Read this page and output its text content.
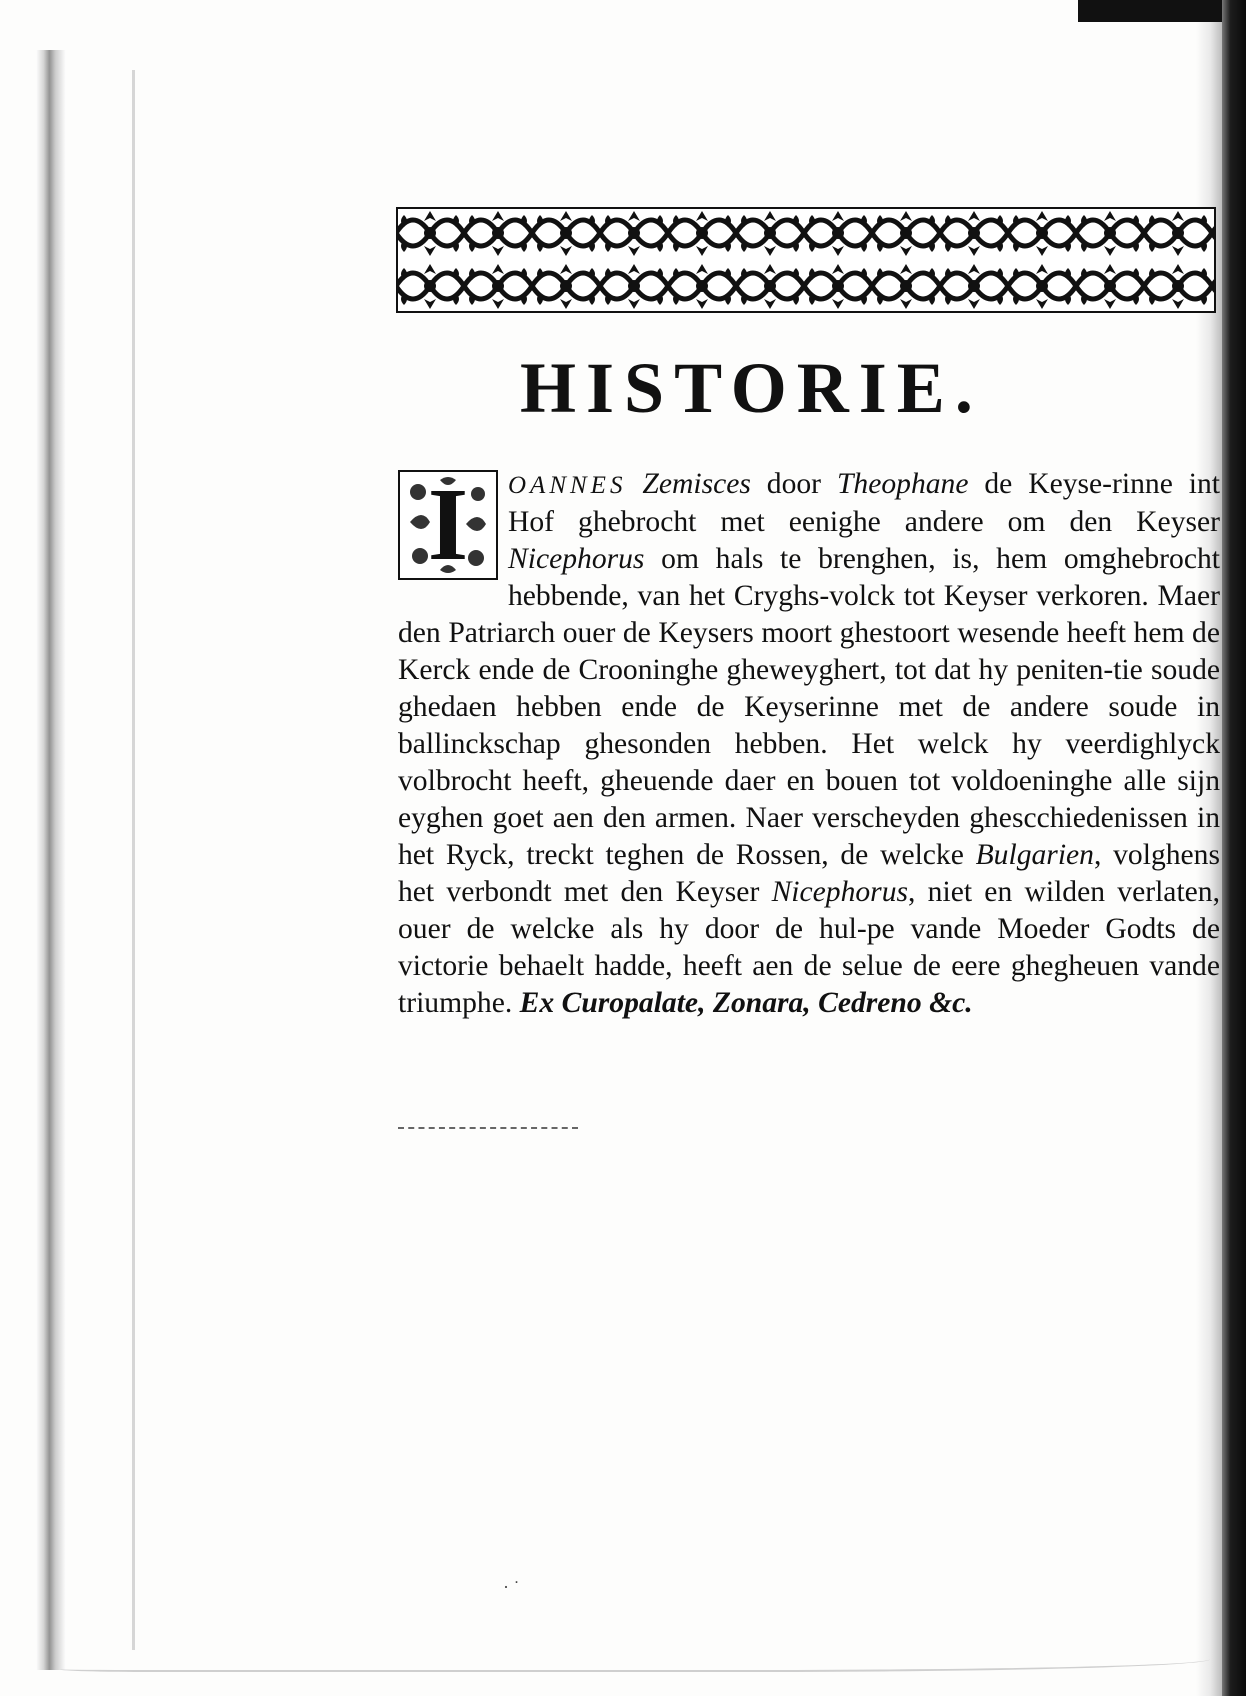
HISTORIE.
I	OANNES Zemisces door Theophane de Keyse-rinne int Hof ghebrocht met eenighe andere om den Keyser Nicephorus om hals te brenghen, is, hem omghebrocht hebbende, van het Cryghs-volck tot Keyser verkoren. Maer den Patriarch ouer de Keysers moort ghestoort wesende heeft hem de Kerck ende de Crooninghe gheweyghert, tot dat hy peniten-tie soude ghedaen hebben ende de Keyserinne met de andere soude in ballinckschap ghesonden hebben. Het welck hy veerdighlyck volbrocht heeft, gheuende daer en bouen tot voldoeninghe alle sijn eyghen goet aen den armen. Naer verscheyden ghescchiedenissen in het Ryck, treckt teghen de Rossen, de welcke Bulgarien, volghens het verbondt met den Keyser Nicephorus, niet en wilden verlaten, ouer de welcke als hy door de hul-pe vande Moeder Godts de victorie behaelt hadde, heeft aen de selue de eere ghegheuen vande triumphe. Ex Curopalate, Zonara, Cedreno &c.
· ˙
